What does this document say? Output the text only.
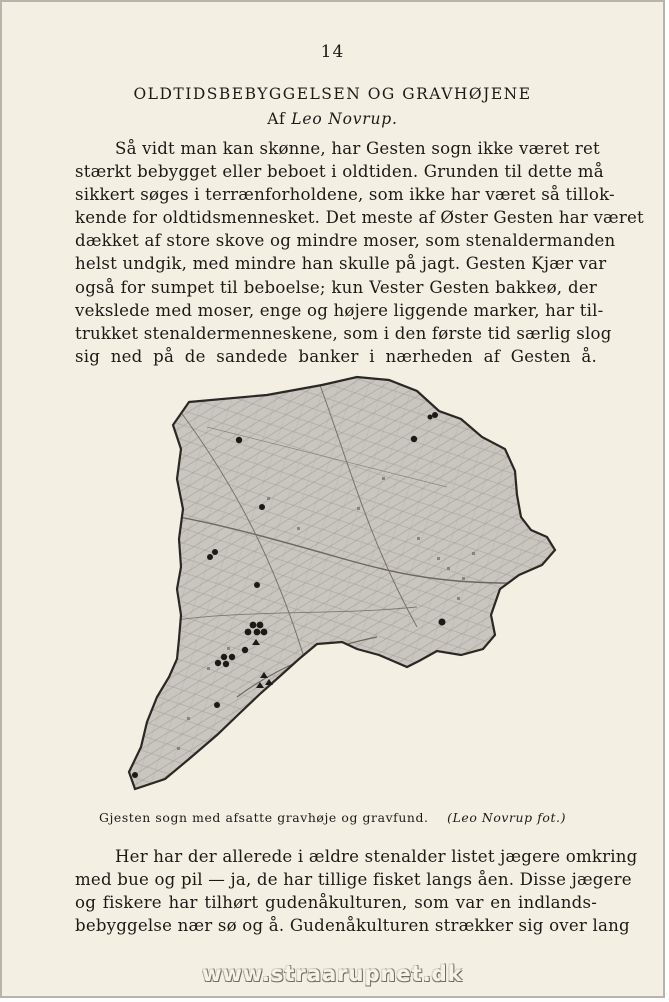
14
OLDTIDSBEBYGGELSEN OG GRAVHØJENE
Af Leo Novrup.
Så vidt man kan skønne, har Gesten sogn ikke været ret
stærkt bebygget eller beboet i oldtiden. Grunden til dette må
sikkert søges i terrænforholdene, som ikke har været så tillok-
kende for oldtidsmennesket. Det meste af Øster Gesten har været
dækket af store skove og mindre moser, som stenaldermanden
helst undgik, med mindre han skulle på jagt. Gesten Kjær var
også for sumpet til beboelse; kun Vester Gesten bakkeø, der
vekslede med moser, enge og højere liggende marker, har til-
trukket stenaldermenneskene, som i den første tid særlig slog
sig ned på de sandede banker i nærheden af Gesten å.
Gjesten sogn med afsatte gravhøje og gravfund. (Leo Novrup fot.)
Her har der allerede i ældre stenalder listet jægere omkring
med bue og pil — ja, de har tillige fisket langs åen. Disse jægere
og fiskere har tilhørt gudenåkulturen, som var en indlands-
bebyggelse nær sø og å. Gudenåkulturen strækker sig over lang
www.straarupnet.dk
